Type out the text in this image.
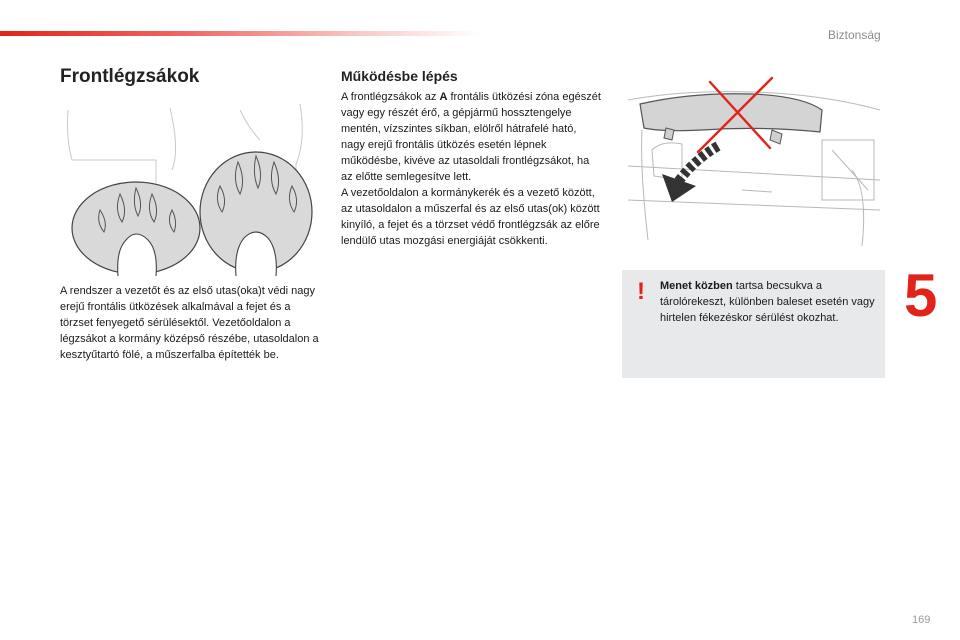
Biztonság
5
Frontlégzsákok

A rendszer a vezetőt és az első utas(oka)t védi nagy erejű frontális ütközések alkalmával a fejet és a törzset fenyegető sérülésektől. Vezetőoldalon a légzsákot a kormány középső részébe, utasoldalon a kesztyűtartó fölé, a műszerfalba építették be.

Működésbe lépés

A frontlégzsákok az A frontális ütközési zóna egészét vagy egy részét érő, a gépjármű hossztengelye mentén, vízszintes síkban, elölről hátrafelé ható, nagy erejű frontális ütközés esetén lépnek működésbe, kivéve az utasoldali frontlégzsákot, ha az előtte semlegesítve lett.

A vezetőoldalon a kormánykerék és a vezető között, az utasoldalon a műszerfal és az első utas(ok) között kinyíló, a fejet és a törzset védő frontlégzsák az előre lendülő utas mozgási energiáját csökkenti.

! Menet közben tartsa becsukva a tárolórekeszt, különben baleset esetén vagy hirtelen fékezéskor sérülést okozhat.

169
